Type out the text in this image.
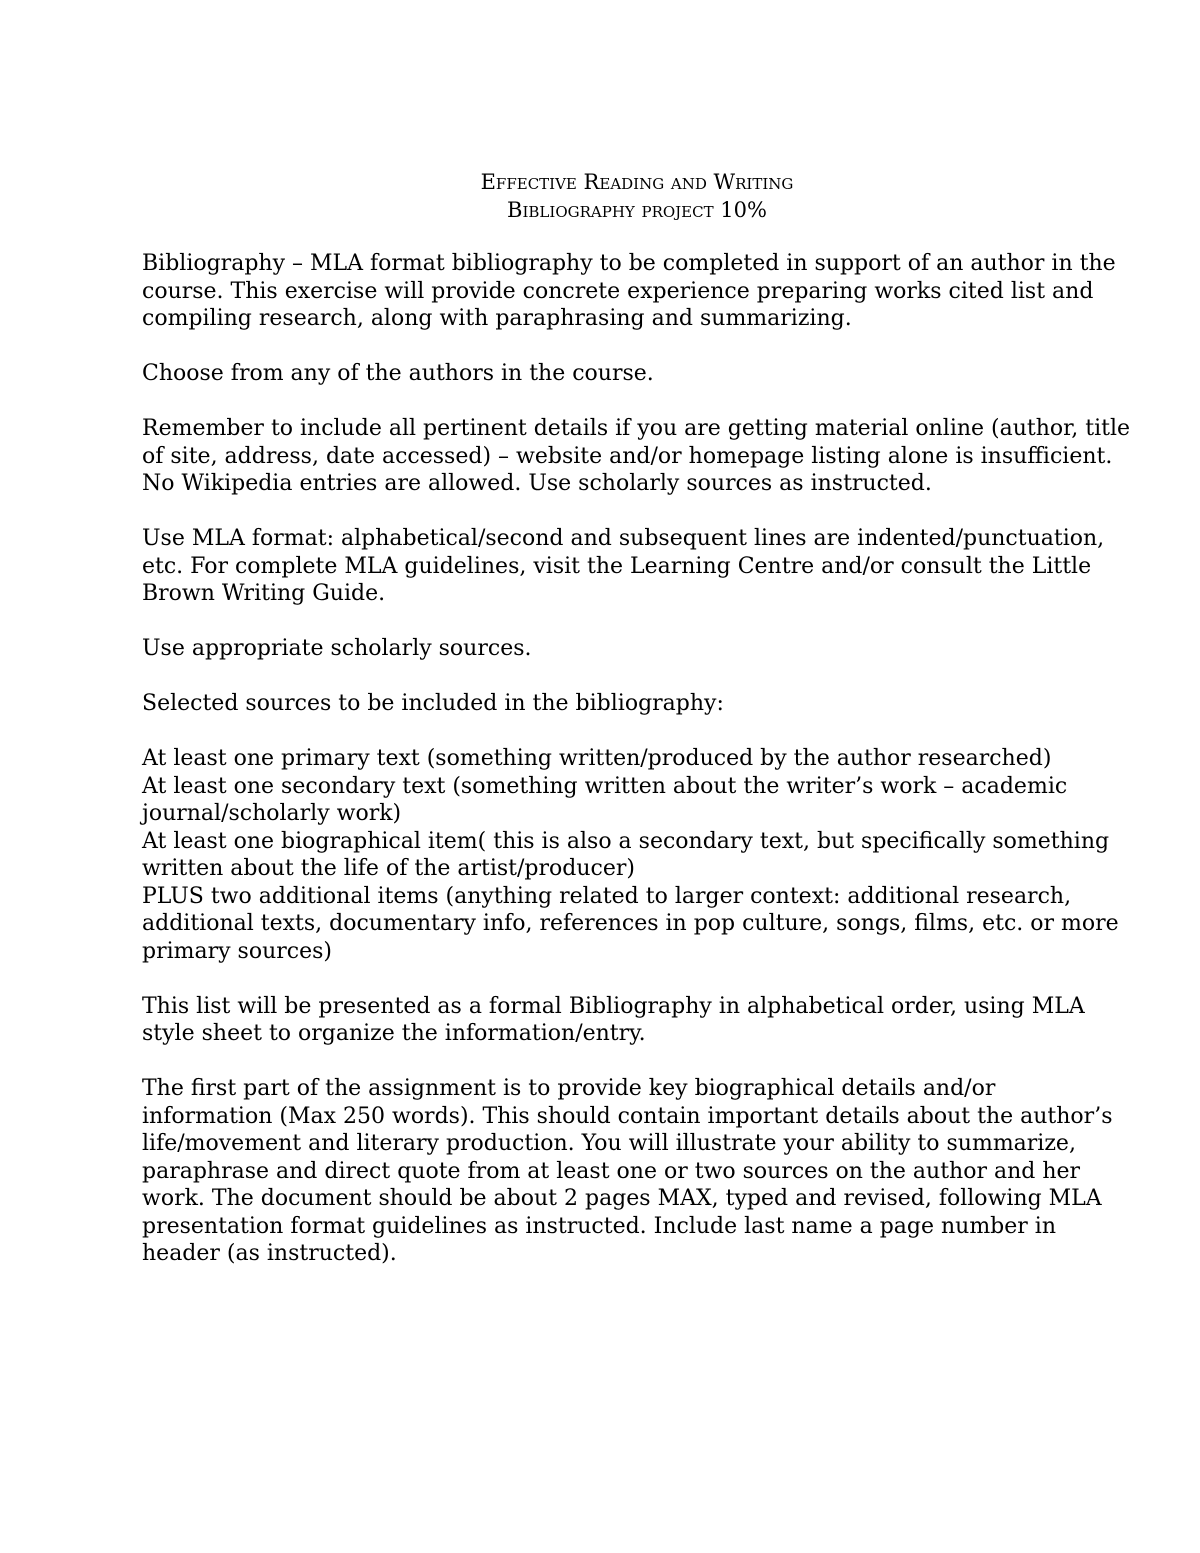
Effective Reading and Writing
Bibliography project 10%

Bibliography – MLA format bibliography to be completed in support of an author in the course. This exercise will provide concrete experience preparing works cited list and compiling research, along with paraphrasing and summarizing.

Choose from any of the authors in the course.

Remember to include all pertinent details if you are getting material online (author, title of site, address, date accessed) – website and/or homepage listing alone is insufficient.

No Wikipedia entries are allowed. Use scholarly sources as instructed.

Use MLA format: alphabetical/second and subsequent lines are indented/punctuation, etc. For complete MLA guidelines, visit the Learning Centre and/or consult the Little Brown Writing Guide.

Use appropriate scholarly sources.

Selected sources to be included in the bibliography:

At least one primary text (something written/produced by the author researched)

At least one secondary text (something written about the writer’s work – academic journal/scholarly work)

At least one biographical item( this is also a secondary text, but specifically something written about the life of the artist/producer)

PLUS two additional items (anything related to larger context: additional research, additional texts, documentary info, references in pop culture, songs, films, etc. or more primary sources)

This list will be presented as a formal Bibliography in alphabetical order, using MLA style sheet to organize the information/entry.

The first part of the assignment is to provide key biographical details and/or information (Max 250 words). This should contain important details about the author’s life/movement and literary production. You will illustrate your ability to summarize, paraphrase and direct quote from at least one or two sources on the author and her work. The document should be about 2 pages MAX, typed and revised, following MLA presentation format guidelines as instructed. Include last name a page number in header (as instructed).
